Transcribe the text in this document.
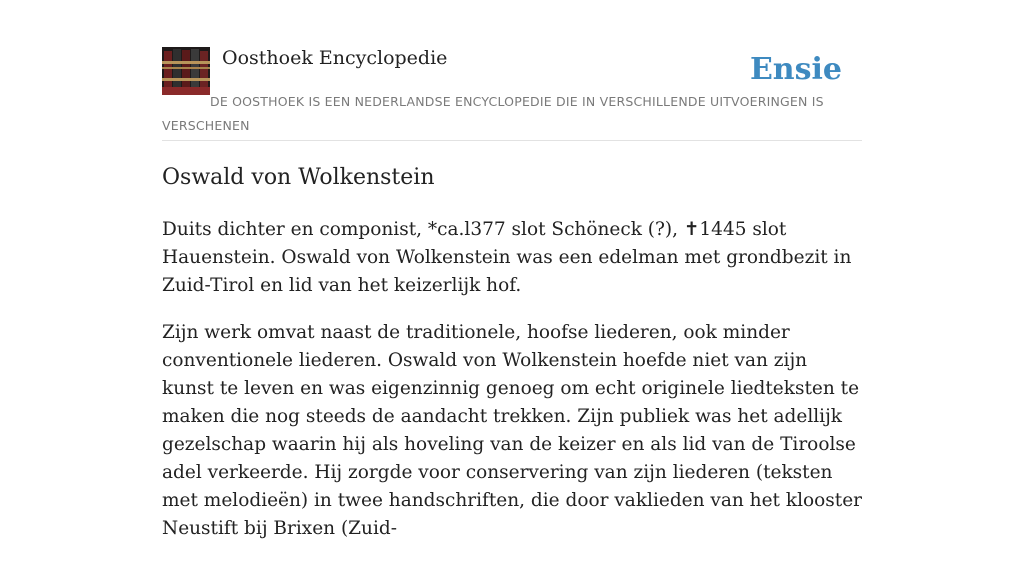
Oosthoek Encyclopedie	Ensie
DE OOSTHOEK IS EEN NEDERLANDSE ENCYCLOPEDIE DIE IN VERSCHILLENDE UITVOERINGEN IS VERSCHENEN
Oswald von Wolkenstein

Duits dichter en componist, *ca.l377 slot Schöneck (?), ✝1445 slot Hauenstein. Oswald von Wolkenstein was een edelman met grondbezit in Zuid-Tirol en lid van het keizerlijk hof.

Zijn werk omvat naast de traditionele, hoofse liederen, ook minder conventionele liederen. Oswald von Wolkenstein hoefde niet van zijn kunst te leven en was eigenzinnig genoeg om echt originele liedteksten te maken die nog steeds de aandacht trekken. Zijn publiek was het adellijk gezelschap waarin hij als hoveling van de keizer en als lid van de Tiroolse adel verkeerde. Hij zorgde voor conservering van zijn liederen (teksten met melodieën) in twee handschriften, die door vaklieden van het klooster Neustift bij Brixen (Zuid-
